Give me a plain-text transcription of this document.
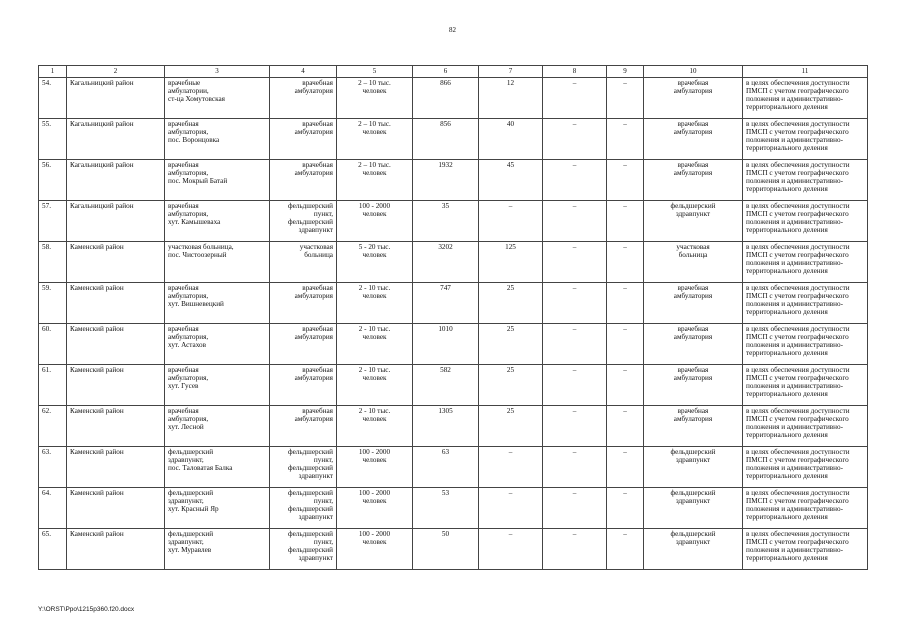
82
1	2	3	4	5	6	7	8	9	10	11
54.	Кагальницкий район	врачебные
амбулатории,
ст-ца Хомутовская	врачебная
амбулатория	2 – 10 тыс.
человек	866	12	–	–	врачебная
амбулатория	в целях обеспечения доступности
ПМСП с учетом географического
положения и административно-
территориального деления
55.	Кагальницкий район	врачебная
амбулатория,
пос. Воронцовка	врачебная
амбулатория	2 – 10 тыс.
человек	856	40	–	–	врачебная
амбулатория	в целях обеспечения доступности
ПМСП с учетом географического
положения и административно-
территориального деления
56.	Кагальницкий район	врачебная
амбулатория,
пос. Мокрый Батай	врачебная
амбулатория	2 – 10 тыс.
человек	1932	45	–	–	врачебная
амбулатория	в целях обеспечения доступности
ПМСП с учетом географического
положения и административно-
территориального деления
57.	Кагальницкий район	врачебная
амбулатория,
хут. Камышеваха	фельдшерский
пункт,
фельдшерский
здравпункт	100 - 2000
человек	35	–	–	–	фельдшерский
здравпункт	в целях обеспечения доступности
ПМСП с учетом географического
положения и административно-
территориального деления
58.	Каменский район	участковая больница,
пос. Чистоозерный	участковая
больница	5 - 20 тыс.
человек	3202	125	–	–	участковая
больница	в целях обеспечения доступности
ПМСП с учетом географического
положения и административно-
территориального деления
59.	Каменский район	врачебная
амбулатория,
хут. Вишневецкий	врачебная
амбулатория	2 - 10 тыс.
человек	747	25	–	–	врачебная
амбулатория	в целях обеспечения доступности
ПМСП с учетом географического
положения и административно-
территориального деления
60.	Каменский район	врачебная
амбулатория,
хут. Астахов	врачебная
амбулатория	2 - 10 тыс.
человек	1010	25	–	–	врачебная
амбулатория	в целях обеспечения доступности
ПМСП с учетом географического
положения и административно-
территориального деления
61.	Каменский район	врачебная
амбулатория,
хут. Гусев	врачебная
амбулатория	2 - 10 тыс.
человек	582	25	–	–	врачебная
амбулатория	в целях обеспечения доступности
ПМСП с учетом географического
положения и административно-
территориального деления
62.	Каменский район	врачебная
амбулатория,
хут. Лесной	врачебная
амбулатория	2 - 10 тыс.
человек	1305	25	–	–	врачебная
амбулатория	в целях обеспечения доступности
ПМСП с учетом географического
положения и административно-
территориального деления
63.	Каменский район	фельдшерский
здравпункт,
пос. Таловатая Балка	фельдшерский
пункт,
фельдшерский
здравпункт	100 - 2000
человек	63	–	–	–	фельдшерский
здравпункт	в целях обеспечения доступности
ПМСП с учетом географического
положения и административно-
территориального деления
64.	Каменский район	фельдшерский
здравпункт,
хут. Красный Яр	фельдшерский
пункт,
фельдшерский
здравпункт	100 - 2000
человек	53	–	–	–	фельдшерский
здравпункт	в целях обеспечения доступности
ПМСП с учетом географического
положения и административно-
территориального деления
65.	Каменский район	фельдшерский
здравпункт,
хут. Муравлев	фельдшерский
пункт,
фельдшерский
здравпункт	100 - 2000
человек	50	–	–	–	фельдшерский
здравпункт	в целях обеспечения доступности
ПМСП с учетом географического
положения и административно-
территориального деления
Y:\ORST\Ppo\1215p360.f20.docx
